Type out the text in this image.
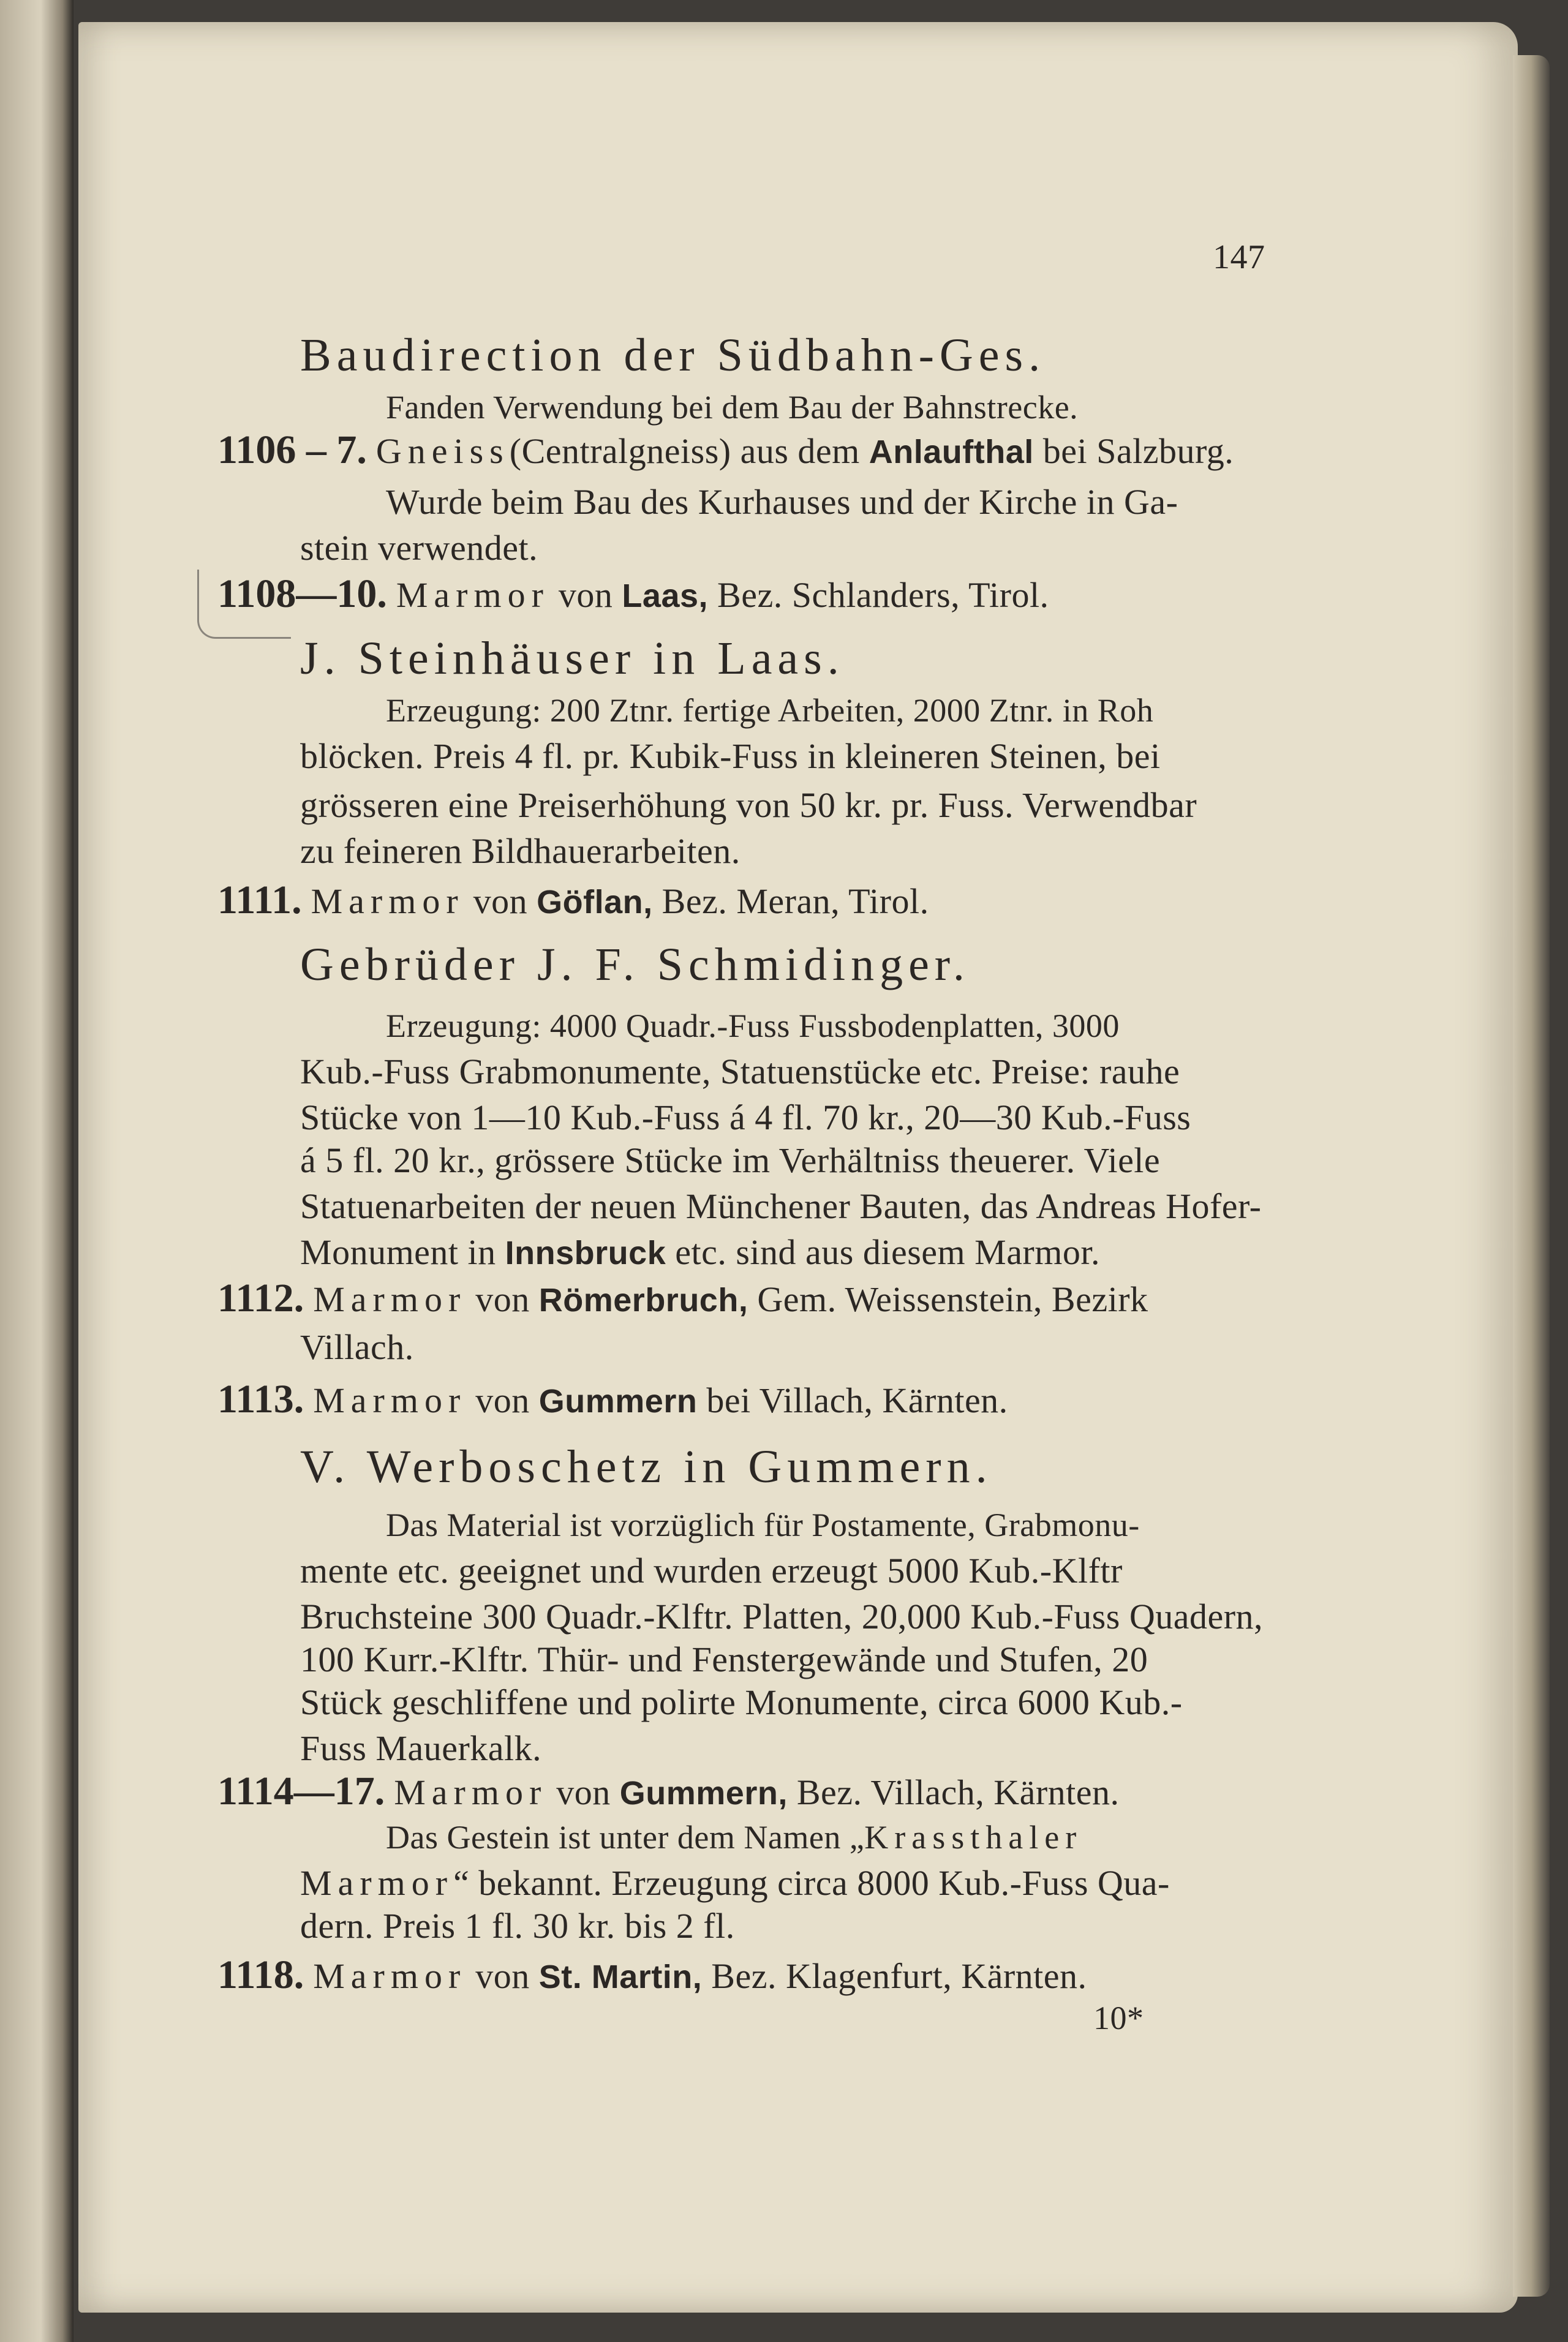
147
Baudirection der Südbahn-Ges.
Fanden Verwendung bei dem Bau der Bahnstrecke.
1106 – 7. Gneiss(Centralgneiss) aus dem Anlaufthal bei Salzburg.
Wurde beim Bau des Kurhauses und der Kirche in Ga-
stein verwendet.
1108—10. Marmor von Laas, Bez. Schlanders, Tirol.
J. Steinhäuser in Laas.
Erzeugung: 200 Ztnr. fertige Arbeiten, 2000 Ztnr. in Roh
blöcken. Preis 4 fl. pr. Kubik-Fuss in kleineren Steinen, bei
grösseren eine Preiserhöhung von 50 kr. pr. Fuss. Verwendbar
zu feineren Bildhauerarbeiten.
1111. Marmor von Göflan, Bez. Meran, Tirol.
Gebrüder J. F. Schmidinger.
Erzeugung: 4000 Quadr.-Fuss Fussbodenplatten, 3000
Kub.-Fuss Grabmonumente, Statuenstücke etc. Preise: rauhe
Stücke von 1—10 Kub.-Fuss á 4 fl. 70 kr., 20—30 Kub.-Fuss
á 5 fl. 20 kr., grössere Stücke im Verhältniss theuerer. Viele
Statuenarbeiten der neuen Münchener Bauten, das Andreas Hofer-
Monument in Innsbruck etc. sind aus diesem Marmor.
1112. Marmor von Römerbruch, Gem. Weissenstein, Bezirk
Villach.
1113. Marmor von Gummern bei Villach, Kärnten.
V. Werboschetz in Gummern.
Das Material ist vorzüglich für Postamente, Grabmonu-
mente etc. geeignet und wurden erzeugt 5000 Kub.-Klftr
Bruchsteine 300 Quadr.-Klftr. Platten, 20,000 Kub.-Fuss Quadern,
100 Kurr.-Klftr. Thür- und Fenstergewände und Stufen, 20
Stück geschliffene und polirte Monumente, circa 6000 Kub.-
Fuss Mauerkalk.
1114—17. Marmor von Gummern, Bez. Villach, Kärnten.
Das Gestein ist unter dem Namen „Krassthaler
Marmor“ bekannt. Erzeugung circa 8000 Kub.-Fuss Qua-
dern. Preis 1 fl. 30 kr. bis 2 fl.
1118. Marmor von St. Martin, Bez. Klagenfurt, Kärnten.
10*
